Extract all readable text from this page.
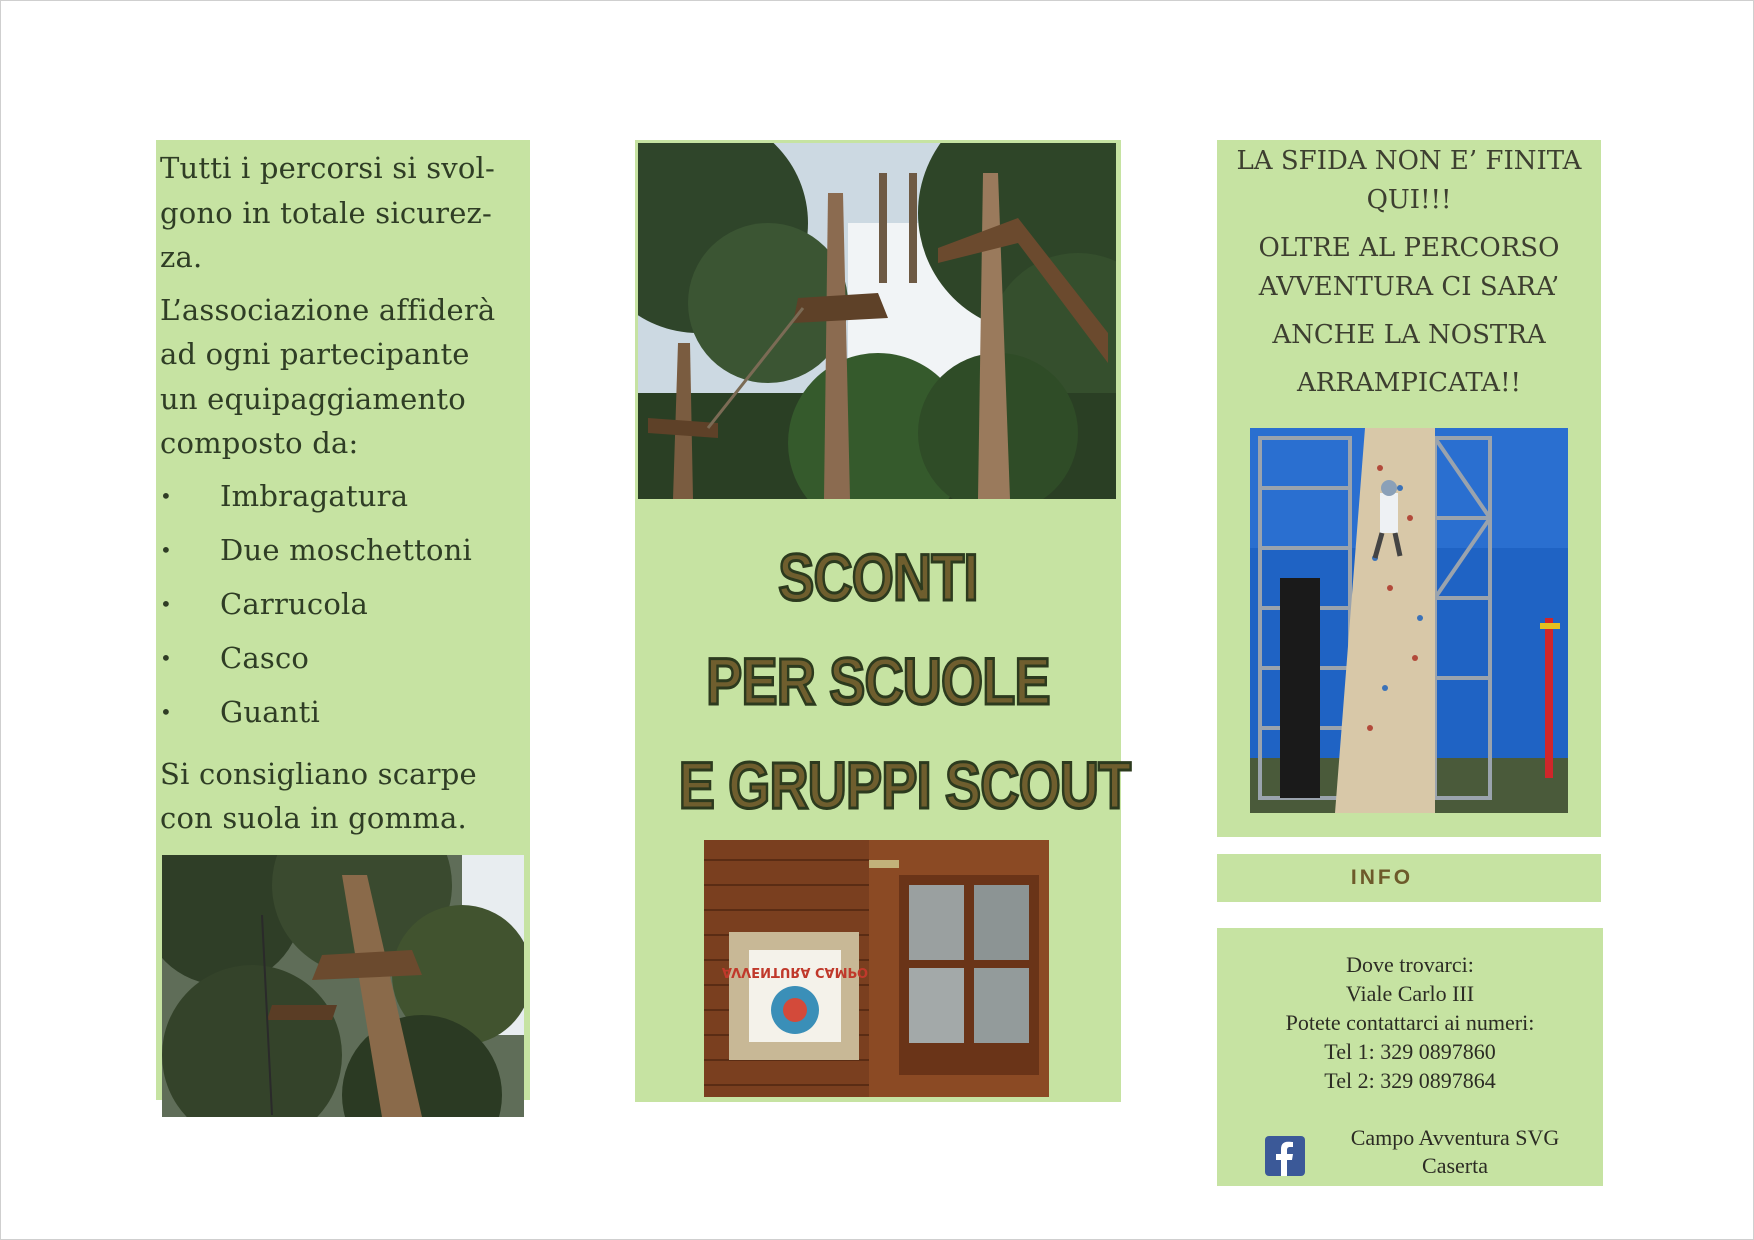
Tutti i percorsi si svol-
gono in totale sicurez-
za.

L’associazione affiderà
ad ogni partecipante
un equipaggiamento
composto da:

• Imbragatura
• Due moschettoni
• Carrucola
• Casco
• Guanti

Si consigliano scarpe
con suola in gomma.

SCONTI
PER SCUOLE
E GRUPPI SCOUT
AVVENTURA CAMPO

LA SFIDA NON E’ FINITA
QUI!!!

OLTRE AL PERCORSO
AVVENTURA CI SARA’

ANCHE LA NOSTRA

ARRAMPICATA!!

INFO
Dove trovarci:
Viale Carlo III
Potete contattarci ai numeri:
Tel 1: 329 0897860
Tel 2: 329 0897864
Campo Avventura SVG
Caserta
